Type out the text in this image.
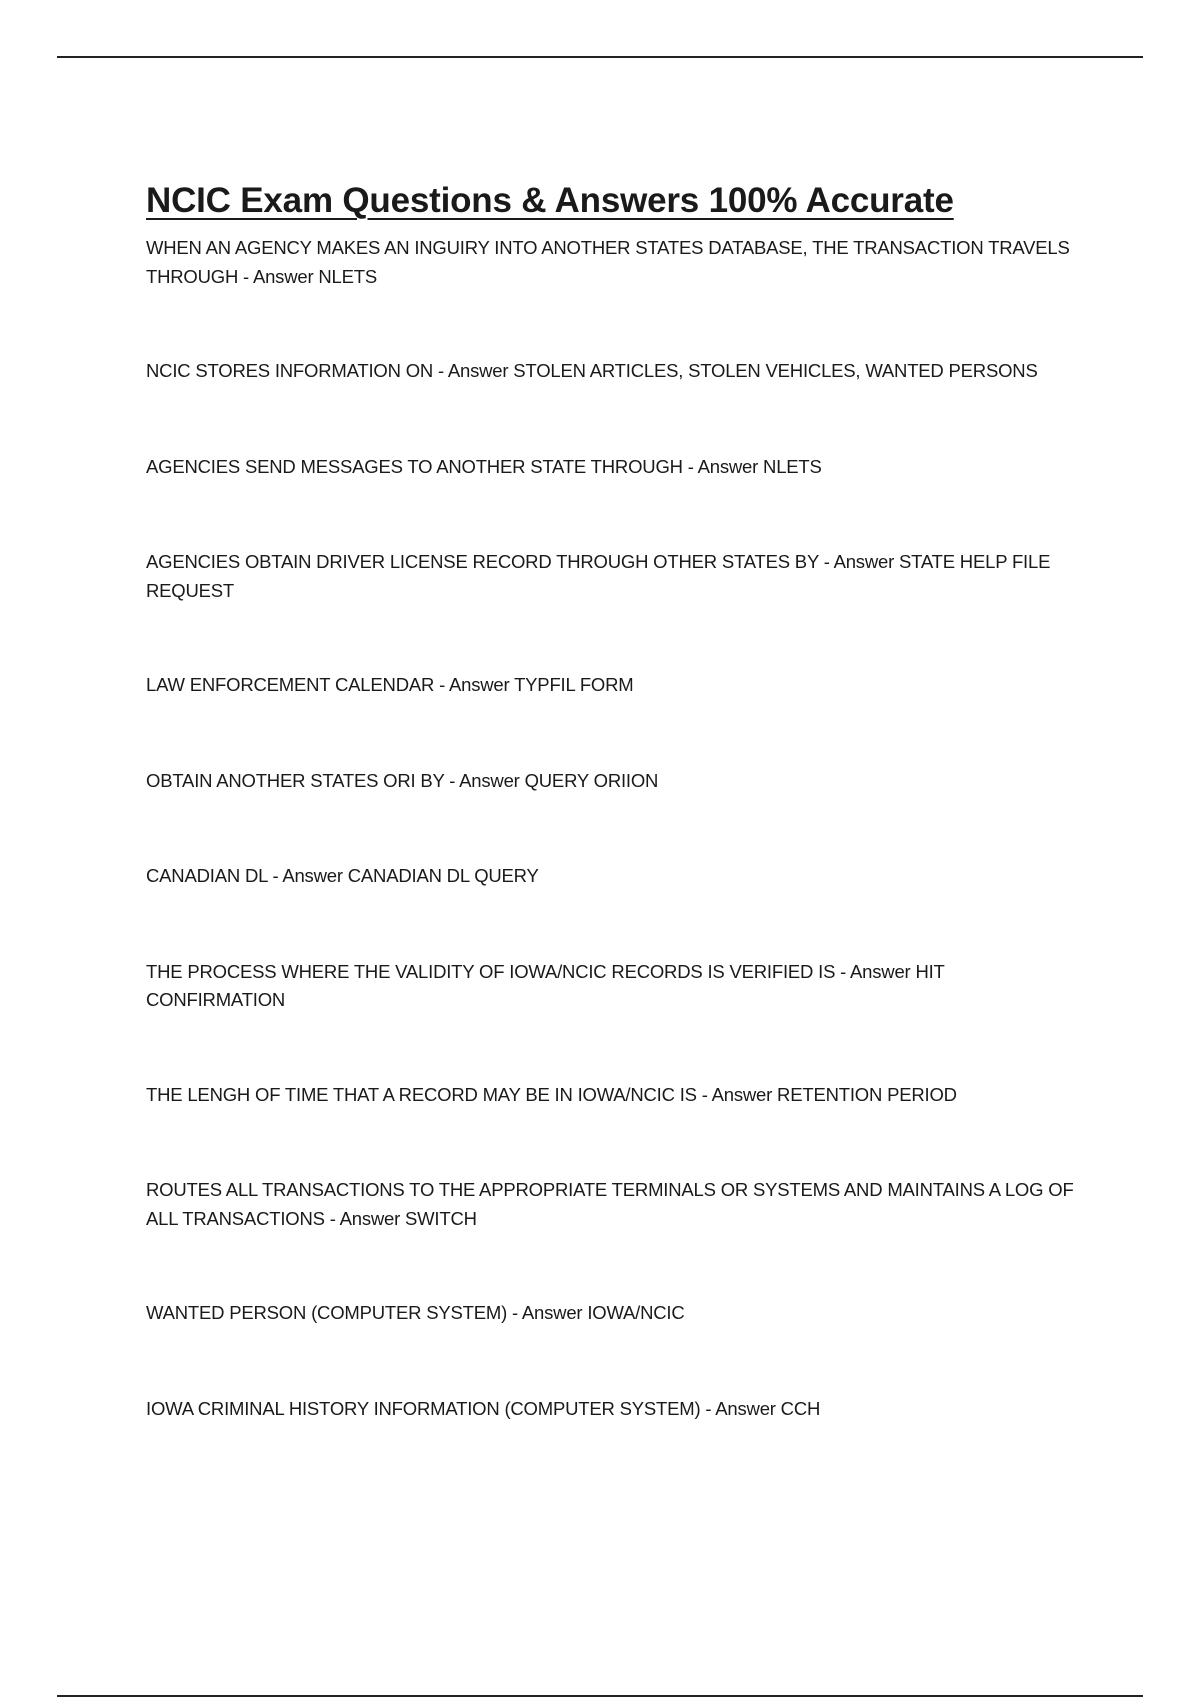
NCIC Exam Questions & Answers 100% Accurate
WHEN AN AGENCY MAKES AN INGUIRY INTO ANOTHER STATES DATABASE, THE TRANSACTION TRAVELS THROUGH - Answer NLETS
NCIC STORES INFORMATION ON - Answer STOLEN ARTICLES, STOLEN VEHICLES, WANTED PERSONS
AGENCIES SEND MESSAGES TO ANOTHER STATE THROUGH - Answer NLETS
AGENCIES OBTAIN DRIVER LICENSE RECORD THROUGH OTHER STATES BY - Answer STATE HELP FILE REQUEST
LAW ENFORCEMENT CALENDAR - Answer TYPFIL FORM
OBTAIN ANOTHER STATES ORI BY - Answer QUERY ORIION
CANADIAN DL - Answer CANADIAN DL QUERY
THE PROCESS WHERE THE VALIDITY OF IOWA/NCIC RECORDS IS VERIFIED IS - Answer HIT CONFIRMATION
THE LENGH OF TIME THAT A RECORD MAY BE IN IOWA/NCIC IS - Answer RETENTION PERIOD
ROUTES ALL TRANSACTIONS TO THE APPROPRIATE TERMINALS OR SYSTEMS AND MAINTAINS A LOG OF ALL TRANSACTIONS - Answer SWITCH
WANTED PERSON (COMPUTER SYSTEM) - Answer IOWA/NCIC
IOWA CRIMINAL HISTORY INFORMATION (COMPUTER SYSTEM) - Answer CCH
